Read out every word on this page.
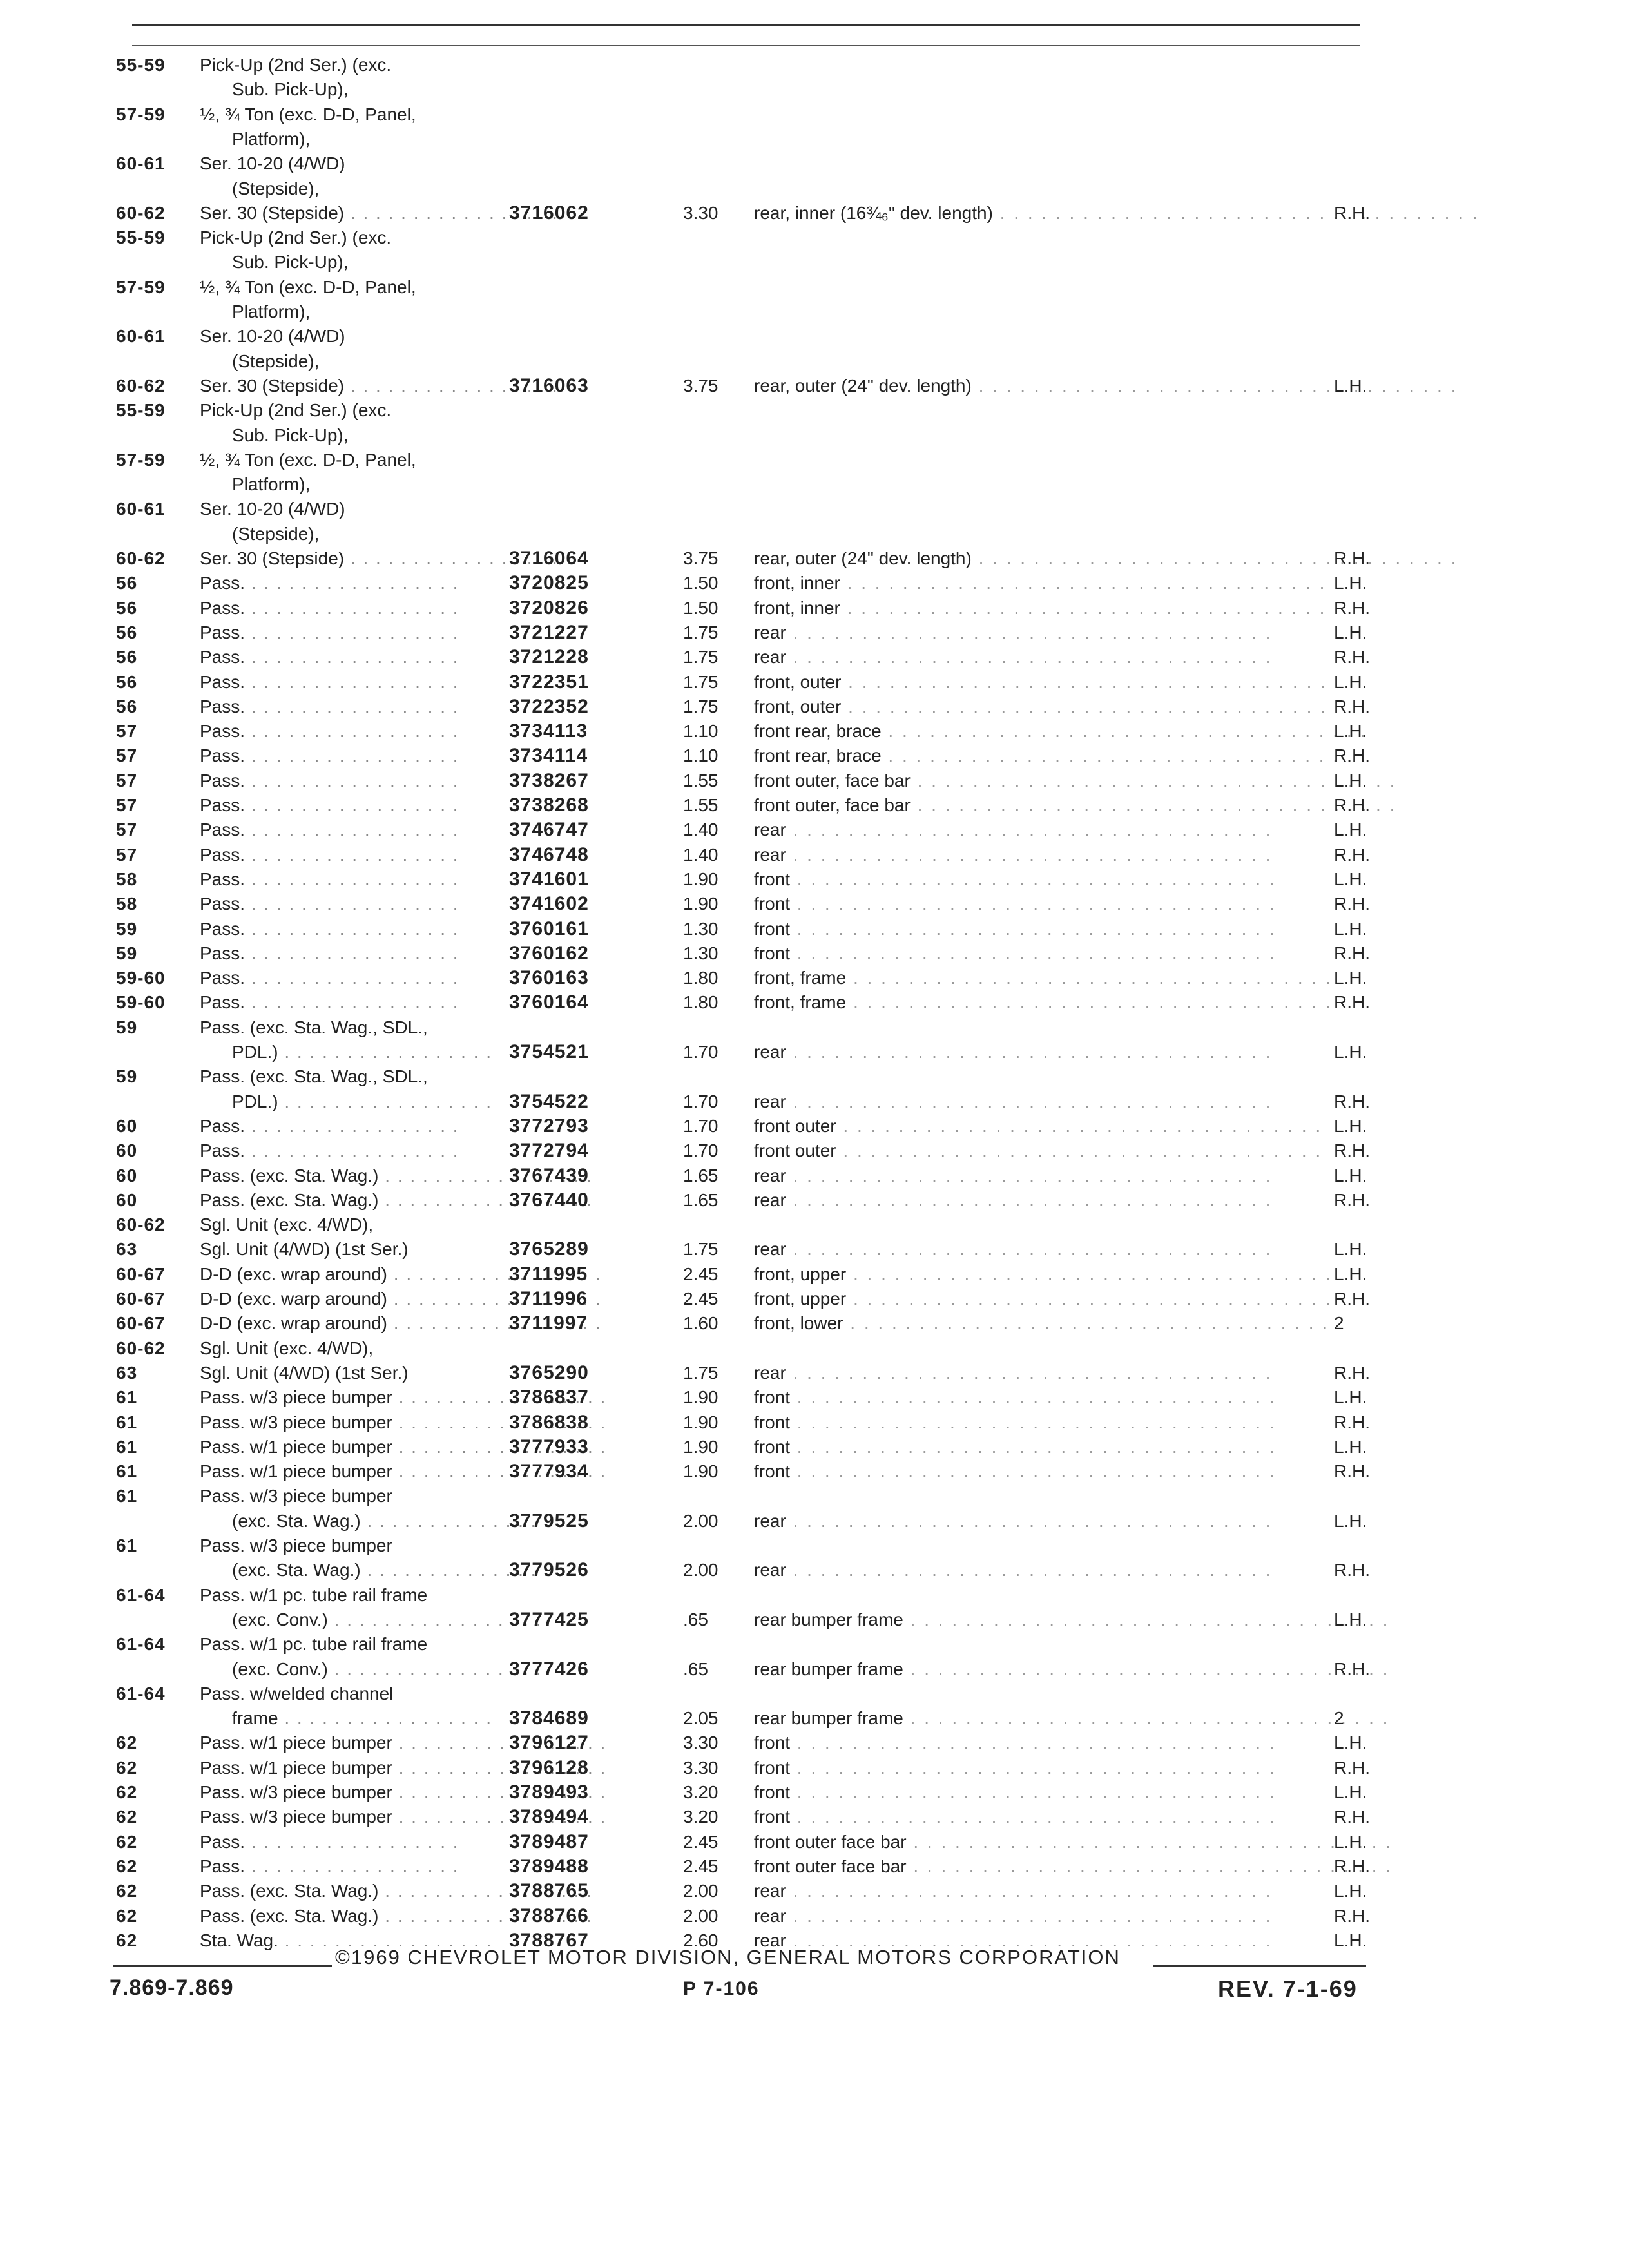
55-59 Pick-Up (2nd Ser.) (exc.
Sub. Pick-Up),
57-59 ½, ¾ Ton (exc. D-D, Panel,
Platform),
60-61 Ser. 10-20 (4/WD)
(Stepside),
60-62 Ser. 30 (Stepside) . . .	3716062	3.30 rear, inner (16¾₆" dev. length) . . .	R.H.
55-59 Pick-Up (2nd Ser.) (exc.
Sub. Pick-Up),
57-59 ½, ¾ Ton (exc. D-D, Panel,
Platform),
60-61 Ser. 10-20 (4/WD)
(Stepside),
60-62 Ser. 30 (Stepside) . . .	3716063	3.75 rear, outer (24" dev. length) . . .	L.H.
55-59 Pick-Up (2nd Ser.) (exc.
Sub. Pick-Up),
57-59 ½, ¾ Ton (exc. D-D, Panel,
Platform),
60-61 Ser. 10-20 (4/WD)
(Stepside),
60-62 Ser. 30 (Stepside) . . .	3716064	3.75 rear, outer (24" dev. length) . . .	R.H.
56	Pass. . . .	3720825	1.50 front, inner . . .	L.H.
56	Pass. . . .	3720826	1.50 front, inner . . .	R.H.
56	Pass. . . .	3721227	1.75 rear . . .	L.H.
56	Pass. . . .	3721228	1.75 rear . . .	R.H.
56	Pass. . . .	3722351	1.75 front, outer . . .	L.H.
56	Pass. . . .	3722352	1.75 front, outer . . .	R.H.
57	Pass. . . .	3734113	1.10 front rear, brace . . .	L.H.
57	Pass. . . .	3734114	1.10 front rear, brace . . .	R.H.
57	Pass. . . .	3738267	1.55 front outer, face bar . . .	L.H.
57	Pass. . . .	3738268	1.55 front outer, face bar . . .	R.H.
57	Pass. . . .	3746747	1.40 rear . . .	L.H.
57	Pass. . . .	3746748	1.40 rear . . .	R.H.
58	Pass. . . .	3741601	1.90 front . . .	L.H.
58	Pass. . . .	3741602	1.90 front . . .	R.H.
59	Pass. . . .	3760161	1.30 front . . .	L.H.
59	Pass. . . .	3760162	1.30 front . . .	R.H.
59-60 Pass. . . .	3760163	1.80 front, frame . . .	L.H.
59-60 Pass. . . .	3760164	1.80 front, frame . . .	R.H.
59	Pass. (exc. Sta. Wag., SDL.,
PDL.) . . .	3754521	1.70 rear . . .	L.H.
59	Pass. (exc. Sta. Wag., SDL.,
PDL.) . . .	3754522	1.70 rear . . .	R.H.
60	Pass. . . .	3772793	1.70 front outer . . .	L.H.
60	Pass. . . .	3772794	1.70 front outer . . .	R.H.
60	Pass. (exc. Sta. Wag.) . . .	3767439	1.65 rear . . .	L.H.
60	Pass. (exc. Sta. Wag.) . . .	3767440	1.65 rear . . .	R.H.
60-62 Sgl. Unit (exc. 4/WD),
63	Sgl. Unit (4/WD) (1st Ser.)	3765289	1.75 rear . . .	L.H.
60-67 D-D (exc. wrap around) . . .	3711995	2.45 front, upper . . .	L.H.
60-67 D-D (exc. warp around) . . .	3711996	2.45 front, upper . . .	R.H.
60-67 D-D (exc. wrap around) . . .	3711997	1.60 front, lower . . .	2
60-62 Sgl. Unit (exc. 4/WD),
63	Sgl. Unit (4/WD) (1st Ser.)	3765290	1.75 rear . . .	R.H.
61	Pass. w/3 piece bumper . . .	3786837	1.90 front . . .	L.H.
61	Pass. w/3 piece bumper . . .	3786838	1.90 front . . .	R.H.
61	Pass. w/1 piece bumper . . .	3777933	1.90 front . . .	L.H.
61	Pass. w/1 piece bumper . . .	3777934	1.90 front . . .	R.H.
61	Pass. w/3 piece bumper
(exc. Sta. Wag.) . . .	3779525	2.00 rear . . .	L.H.
61	Pass. w/3 piece bumper
(exc. Sta. Wag.) . . .	3779526	2.00 rear . . .	R.H.
61-64 Pass. w/1 pc. tube rail frame
(exc. Conv.) . . .	3777425	.65	rear bumper frame . . .	L.H.
61-64 Pass. w/1 pc. tube rail frame
(exc. Conv.) . . .	3777426	.65	rear bumper frame . . .	R.H.
61-64 Pass. w/welded channel
frame . . .	3784689	2.05 rear bumper frame . . .	2
62	Pass. w/1 piece bumper . . .	3796127	3.30 front . . .	L.H.
62	Pass. w/1 piece bumper . . .	3796128	3.30 front . . .	R.H.
62	Pass. w/3 piece bumper . . .	3789493	3.20 front . . .	L.H.
62	Pass. w/3 piece bumper . . .	3789494	3.20 front . . .	R.H.
62	Pass. . . .	3789487	2.45 front outer face bar . . .	L.H.
62	Pass. . . .	3789488	2.45 front outer face bar . . .	R.H.
62	Pass. (exc. Sta. Wag.) . . .	3788765	2.00 rear . . .	L.H.
62	Pass. (exc. Sta. Wag.) . . .	3788766	2.00 rear . . .	R.H.
62	Sta. Wag. . . .	3788767	2.60 rear . . .	L.H.
©1969 CHEVROLET MOTOR DIVISION, GENERAL MOTORS CORPORATION
7.869-7.869	P 7-106	REV. 7-1-69
